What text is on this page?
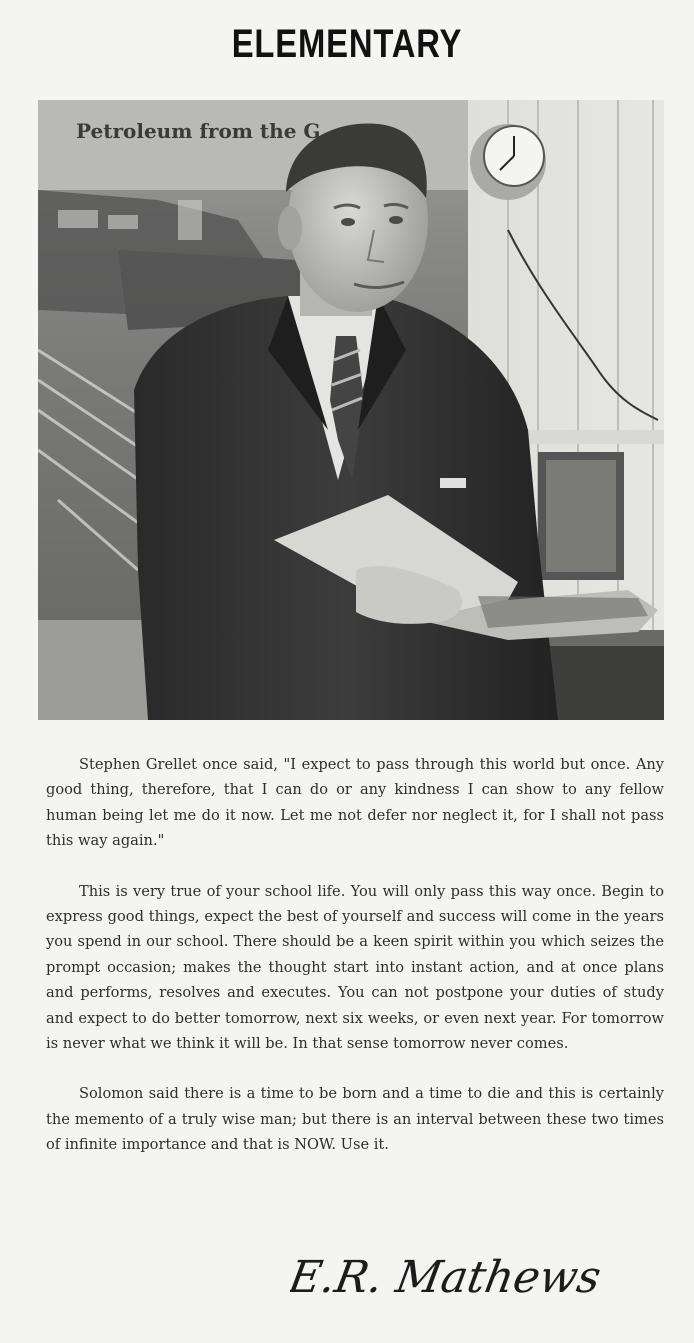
ELEMENTARY
Petroleum from the G

Stephen Grellet once said, "I expect to pass through this world but once. Any good thing, therefore, that I can do or any kindness I can show to any fellow human being let me do it now. Let me not defer nor neglect it, for I shall not pass this way again."

This is very true of your school life. You will only pass this way once. Begin to express good things, expect the best of yourself and success will come in the years you spend in our school. There should be a keen spirit within you which seizes the prompt occasion; makes the thought start into instant action, and at once plans and performs, resolves and executes. You can not postpone your duties of study and expect to do better tomorrow, next six weeks, or even next year. For tomorrow is never what we think it will be. In that sense tomorrow never comes.

Solomon said there is a time to be born and a time to die and this is certainly the memento of a truly wise man; but there is an interval between these two times of infinite importance and that is NOW. Use it.

E.R. Mathews
